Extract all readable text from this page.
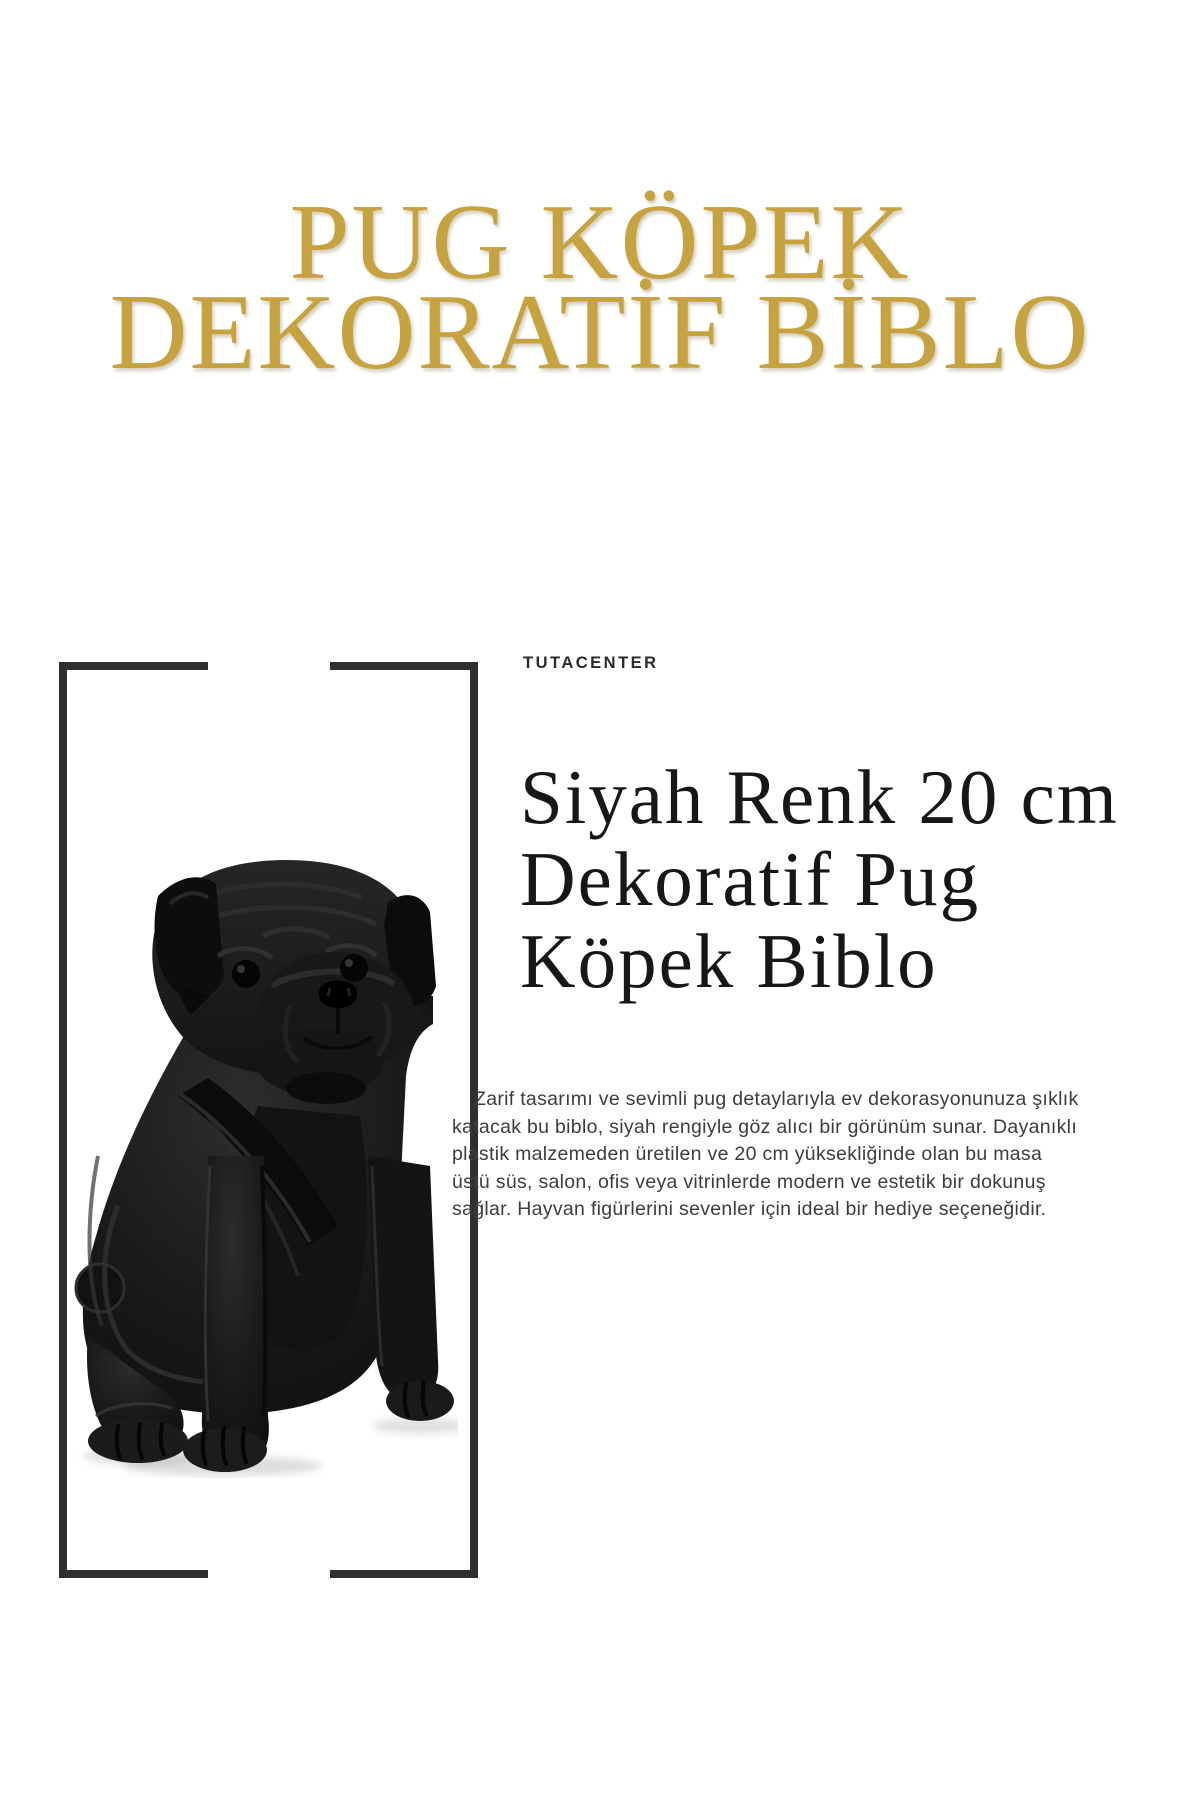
PUG KÖPEK
DEKORATİF BİBLO
TUTACENTER
Siyah Renk 20 cm
Dekoratif Pug
Köpek Biblo
Zarif tasarımı ve sevimli pug detaylarıyla ev dekorasyonunuza şıklık
katacak bu biblo, siyah rengiyle göz alıcı bir görünüm sunar. Dayanıklı
plastik malzemeden üretilen ve 20 cm yüksekliğinde olan bu masa
üstü süs, salon, ofis veya vitrinlerde modern ve estetik bir dokunuş
sağlar. Hayvan figürlerini sevenler için ideal bir hediye seçeneğidir.
